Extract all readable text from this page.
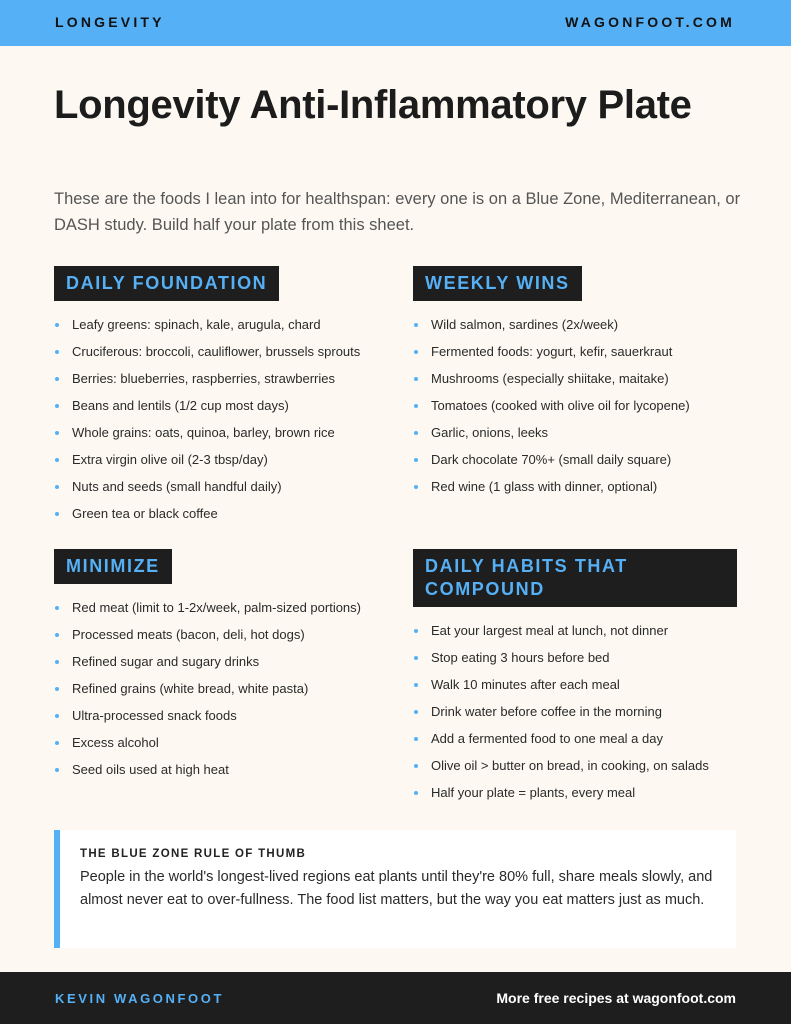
LONGEVITY	WAGONFOOT.COM
Longevity Anti-Inflammatory Plate

These are the foods I lean into for healthspan: every one is on a Blue Zone, Mediterranean, or DASH study. Build half your plate from this sheet.

DAILY FOUNDATION
Leafy greens: spinach, kale, arugula, chard
Cruciferous: broccoli, cauliflower, brussels sprouts
Berries: blueberries, raspberries, strawberries
Beans and lentils (1/2 cup most days)
Whole grains: oats, quinoa, barley, brown rice
Extra virgin olive oil (2-3 tbsp/day)
Nuts and seeds (small handful daily)
Green tea or black coffee
WEEKLY WINS
Wild salmon, sardines (2x/week)
Fermented foods: yogurt, kefir, sauerkraut
Mushrooms (especially shiitake, maitake)
Tomatoes (cooked with olive oil for lycopene)
Garlic, onions, leeks
Dark chocolate 70%+ (small daily square)
Red wine (1 glass with dinner, optional)
MINIMIZE
Red meat (limit to 1-2x/week, palm-sized portions)
Processed meats (bacon, deli, hot dogs)
Refined sugar and sugary drinks
Refined grains (white bread, white pasta)
Ultra-processed snack foods
Excess alcohol
Seed oils used at high heat
DAILY HABITS THAT COMPOUND
Eat your largest meal at lunch, not dinner
Stop eating 3 hours before bed
Walk 10 minutes after each meal
Drink water before coffee in the morning
Add a fermented food to one meal a day
Olive oil > butter on bread, in cooking, on salads
Half your plate = plants, every meal
THE BLUE ZONE RULE OF THUMB
People in the world's longest-lived regions eat plants until they're 80% full, share meals slowly, and almost never eat to over-fullness. The food list matters, but the way you eat matters just as much.
KEVIN WAGONFOOT	More free recipes at wagonfoot.com
